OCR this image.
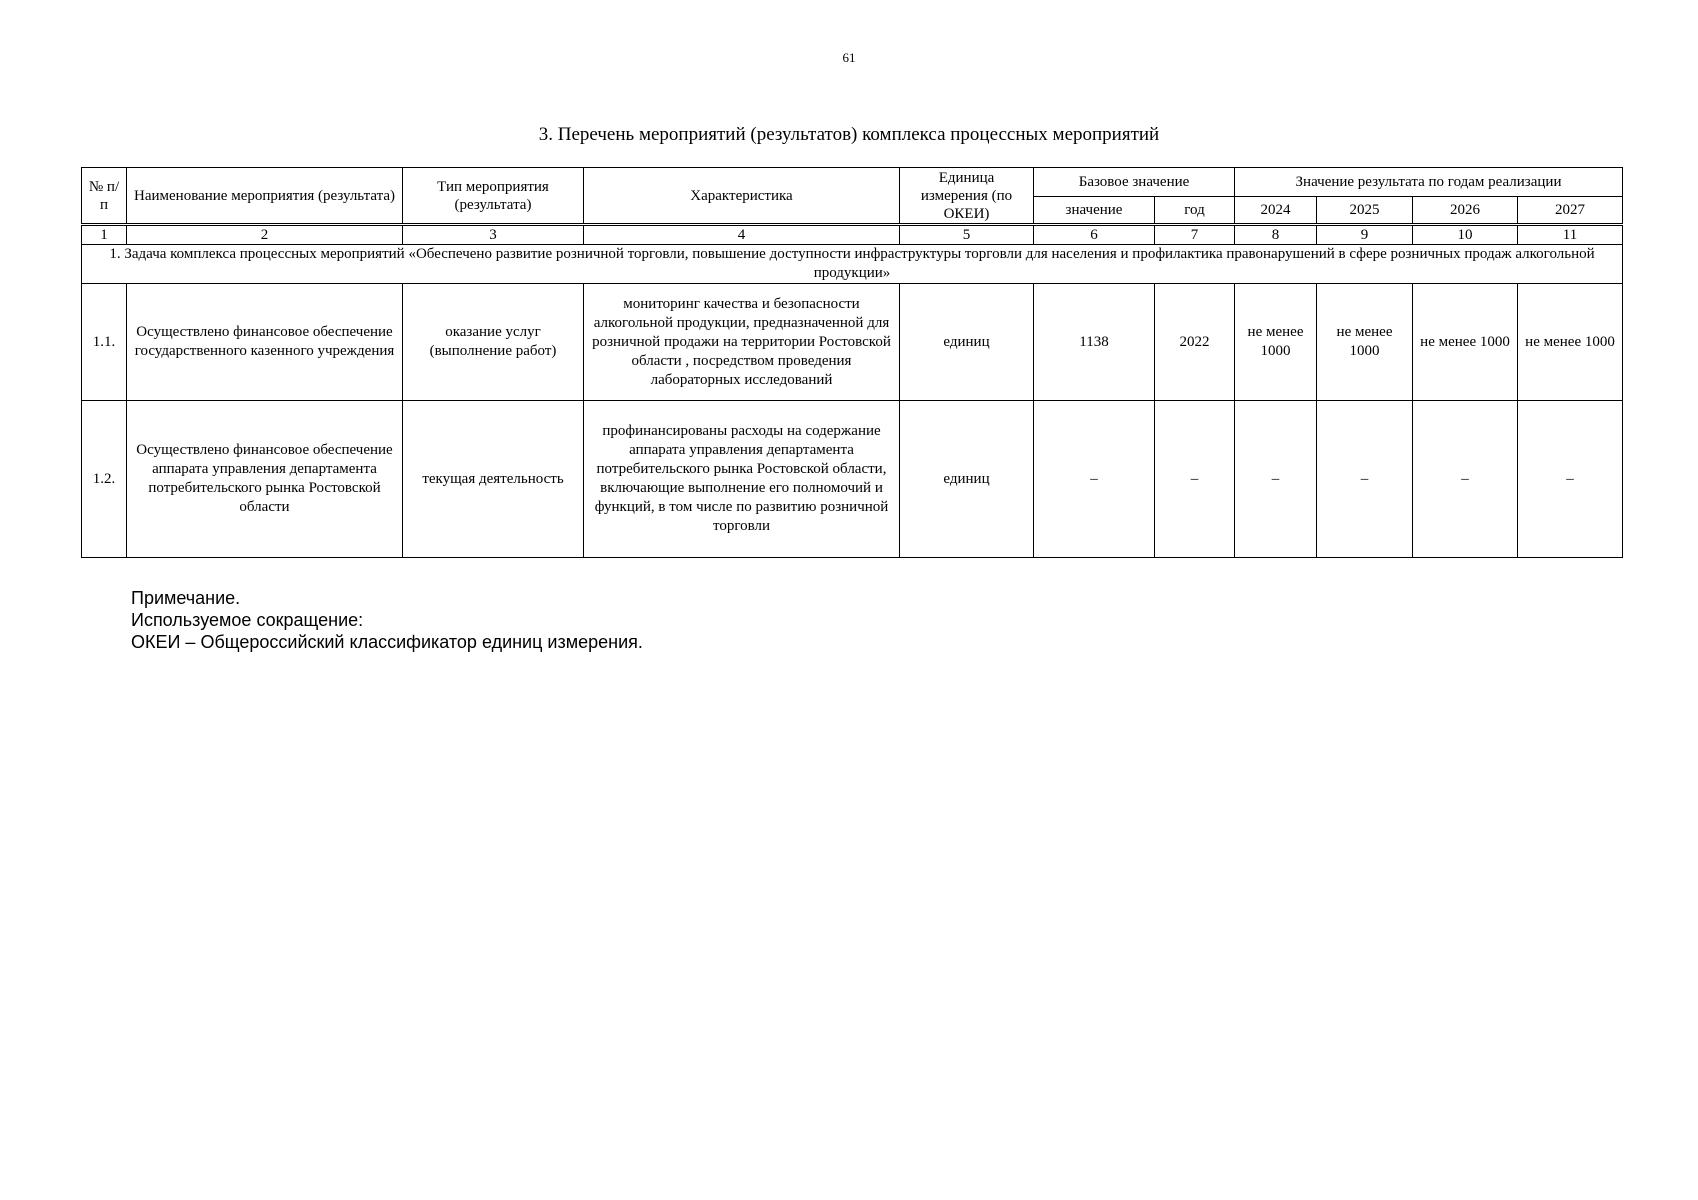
61
3. Перечень мероприятий (результатов) комплекса процессных мероприятий
№ п/п	Наименование мероприятия (результата)	Тип мероприятия (результата)	Характеристика	Единица измерения (по ОКЕИ)	Базовое значение		Значение результата по годам реализации			
					значение	год	2024	2025	2026	2027
1	2	3	4	5	6	7	8	9	10	11
1. Задача комплекса процессных мероприятий «Обеспечено развитие розничной торговли, повышение доступности инфраструктуры торговли для населения и профилактика правонарушений в сфере розничных продаж алкогольной продукции»										
1.1.	Осуществлено финансовое обеспечение государственного казенного учреждения	оказание услуг (выполнение работ)	мониторинг качества и безопасности алкогольной продукции, предназначенной для розничной продажи на территории Ростовской области , посредством проведения лабораторных исследований	единиц	1138	2022	не менее 1000	не менее 1000	не менее 1000	не менее 1000
1.2.	Осуществлено финансовое обеспечение аппарата управления департамента потребительского рынка Ростовской области	текущая деятельность	профинансированы расходы на содержание аппарата управления департамента потребительского рынка Ростовской области, включающие выполнение его полномочий и функций, в том числе по развитию розничной торговли	единиц	–	–	–	–	–	–
Примечание.
Используемое сокращение:
ОКЕИ – Общероссийский классификатор единиц измерения.
